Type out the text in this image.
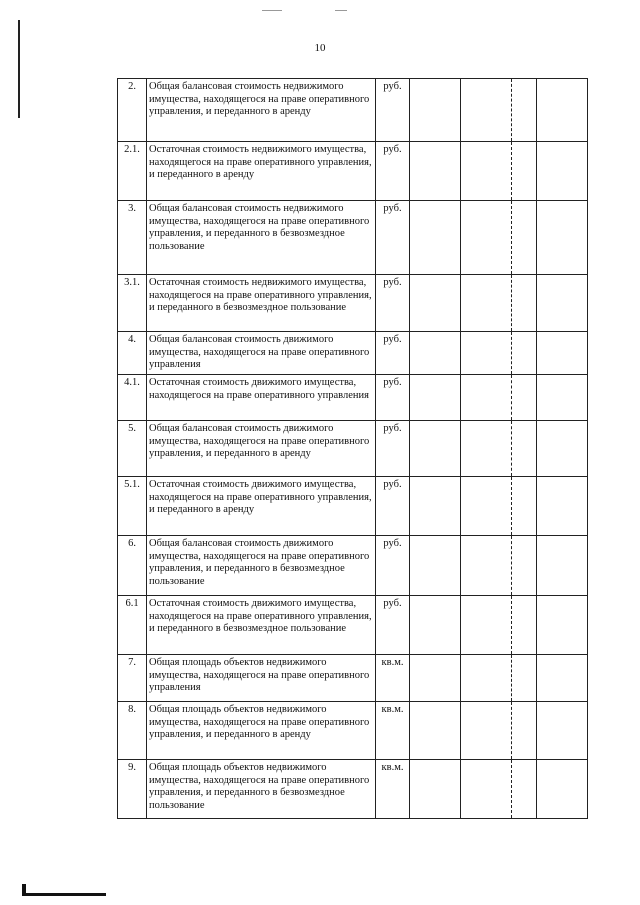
10
2.	Общая балансовая стоимость недвижимого имущества, находящегося на праве оперативного управления, и переданного в аренду	руб.				
2.1.	Остаточная стоимость недвижимого имущества, находящегося на праве оперативного управления, и переданного в аренду	руб.				
3.	Общая балансовая стоимость недвижимого имущества, находящегося на праве оперативного управления, и переданного в безвозмездное пользование	руб.				
3.1.	Остаточная стоимость недвижимого имущества, находящегося на праве оперативного управления, и переданного в безвозмездное пользование	руб.				
4.	Общая балансовая стоимость движимого имущества, находящегося на праве оперативного управления	руб.				
4.1.	Остаточная стоимость движимого имущества, находящегося на праве оперативного управления	руб.				
5.	Общая балансовая стоимость движимого имущества, находящегося на праве оперативного управления, и переданного в аренду	руб.				
5.1.	Остаточная стоимость движимого имущества, находящегося на праве оперативного управления, и переданного в аренду	руб.				
6.	Общая балансовая стоимость движимого имущества, находящегося на праве оперативного управления, и переданного в безвозмездное пользование	руб.				
6.1	Остаточная стоимость движимого имущества, находящегося на праве оперативного управления, и переданного в безвозмездное пользование	руб.				
7.	Общая площадь объектов недвижимого имущества, находящегося на праве оперативного управления	кв.м.				
8.	Общая площадь объектов недвижимого имущества, находящегося на праве оперативного управления, и переданного в аренду	кв.м.				
9.	Общая площадь объектов недвижимого имущества, находящегося на праве оперативного управления, и переданного в безвозмездное пользование	кв.м.				
